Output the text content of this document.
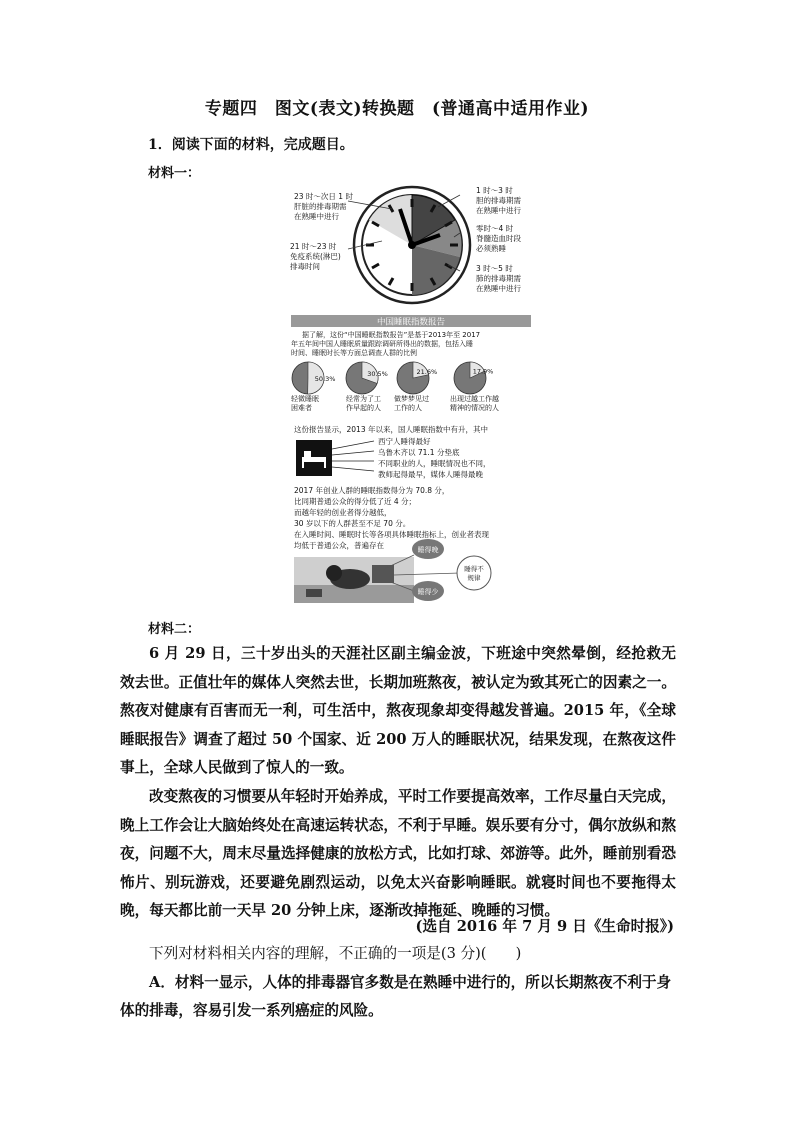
专题四　图文(表文)转换题　(普通高中适用作业)
1．阅读下面的材料，完成题目。
材料一：
23 时～次日 1 时
肝脏的排毒期需
在熟睡中进行
21 时～23 时
免疫系统(淋巴)
排毒时间
1 时～3 时
胆的排毒期需
在熟睡中进行
零时～4 时
脊髓造血时段
必须熟睡
3 时～5 时
肺的排毒期需
在熟睡中进行
中国睡眠指数报告
据了解，这份“中国睡眠指数报告”是基于2013年至 2017
年五年间中国人睡眠质量跟踪调研所得出的数据，包括入睡
时间、睡眠时长等方面总调查人群的比例
50.3%
30.5%	21.6%	17.9%
轻微睡眠
困难者
经常为了工
作早起的人
做梦梦见过
工作的人
出现过越工作越
精神的情况的人
这份报告显示，2013 年以来，国人睡眠指数中有升，其中
西宁人睡得最好
乌鲁木齐以 71.1 分垫底
不同职业的人，睡眠情况也不同，
教师起得最早，媒体人睡得最晚
2017 年创业人群的睡眠指数得分为 70.8 分，
比同期普通公众的得分低了近 4 分；
而越年轻的创业者得分越低，
30 岁以下的人群甚至不足 70 分。
在入睡时间、睡眠时长等各项具体睡眠指标上，创业者表现
均低于普通公众，普遍存在	睡得晚
睡得不
规律
睡得少
材料二：

6 月 29 日，三十岁出头的天涯社区副主编金波，下班途中突然晕倒，经抢救无效去世。正值壮年的媒体人突然去世，长期加班熬夜，被认定为致其死亡的因素之一。熬夜对健康有百害而无一利，可生活中，熬夜现象却变得越发普遍。2015 年，《全球睡眠报告》调查了超过 50 个国家、近 200 万人的睡眠状况，结果发现，在熬夜这件事上，全球人民做到了惊人的一致。

改变熬夜的习惯要从年轻时开始养成，平时工作要提高效率，工作尽量白天完成，晚上工作会让大脑始终处在高速运转状态，不利于早睡。娱乐要有分寸，偶尔放纵和熬夜，问题不大，周末尽量选择健康的放松方式，比如打球、郊游等。此外，睡前别看恐怖片、别玩游戏，还要避免剧烈运动，以免太兴奋影响睡眠。就寝时间也不要拖得太晚，每天都比前一天早 20 分钟上床，逐渐改掉拖延、晚睡的习惯。

(选自 2016 年 7 月 9 日《生命时报》)
下列对材料相关内容的理解，不正确的一项是(3 分)(　　)
A．材料一显示，人体的排毒器官多数是在熟睡中进行的，所以长期熬夜不利于身体的排毒，容易引发一系列癌症的风险。
